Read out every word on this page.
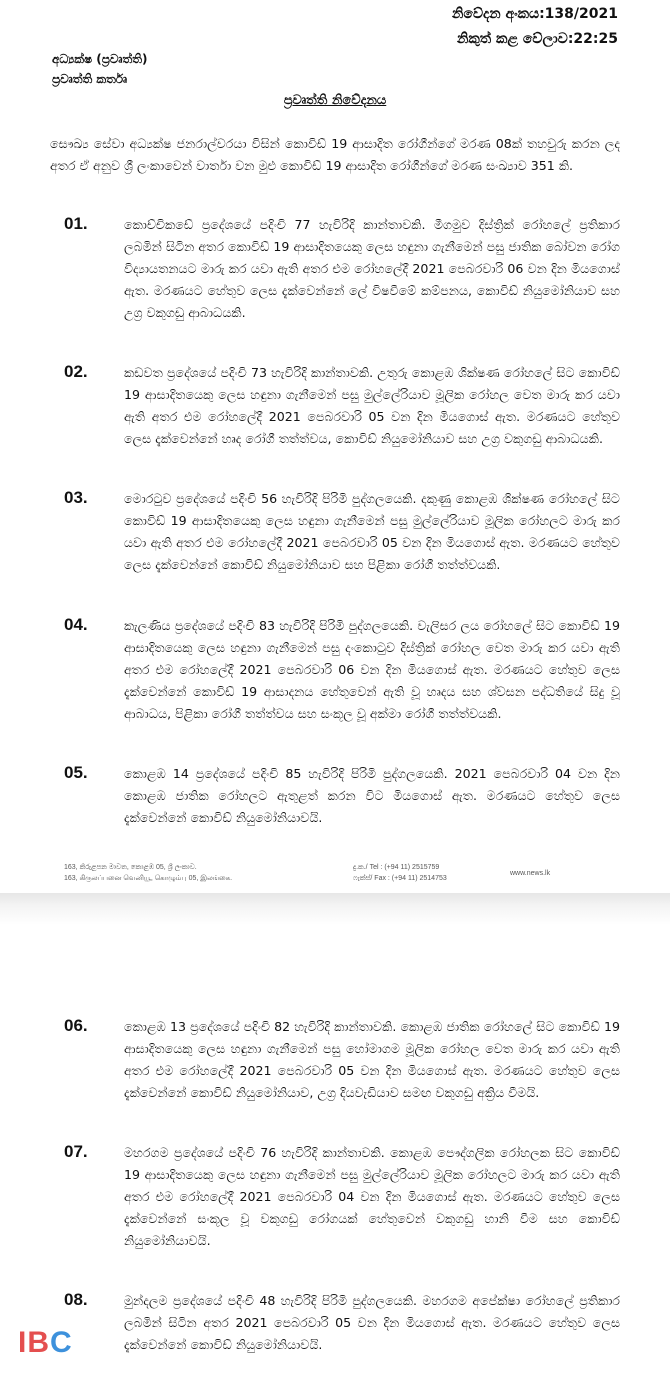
නිවේදන අංකය:138/2021
නිකුත් කළ වේලාව:22:25
අධ්‍යක්ෂ (ප්‍රවෘත්ති)
ප්‍රවෘත්ති කර්තෘ
ප්‍රවෘත්ති නිවේදනය
සෞඛ්‍ය සේවා අධ්‍යක්ෂ ජනරාල්වරයා විසින් කොවිඩ් 19 ආසාදිත රෝගීන්ගේ මරණ 08ක් තහවුරු කරන ලද අතර ඒ අනුව ශ්‍රී ලංකාවෙන් වාර්තා වන මුළු කොවිඩ් 19 ආසාදිත රෝගීන්ගේ මරණ සංඛ්‍යාව 351 කි.
01.	කොච්චිකඩේ ප්‍රදේශයේ පදිංචි 77 හැවිරිදි කාන්තාවකි. මීගමුව දිස්ත්‍රික් රෝහලේ ප්‍රතිකාර ලබමින් සිටින අතර කොවිඩ් 19 ආසාදිතයෙකු ලෙස හඳුනා ගැනීමෙන් පසු ජාතික බෝවන රෝග විද්‍යායතනයට මාරු කර යවා ඇති අතර එම රෝහලේදී 2021 පෙබරවාරි 06 වන දින මියගොස් ඇත. මරණයට හේතුව ලෙස දැක්වෙන්නේ ලේ විෂවීමේ කම්පනය, කොවිඩ් නියුමෝනියාව සහ උග්‍ර වකුගඩු ආබාධයකි.
02.	කඩවත ප්‍රදේශයේ පදිංචි 73 හැවිරිදි කාන්තාවකි. උතුරු කොළඹ ශික්ෂණ රෝහලේ සිට කොවිඩ් 19 ආසාදිතයෙකු ලෙස හඳුනා ගැනීමෙන් පසු මුල්ලේරියාව මූලික රෝහල වෙත මාරු කර යවා ඇති අතර එම රෝහලේදී 2021 පෙබරවාරි 05 වන දින මියගොස් ඇත. මරණයට හේතුව ලෙස දැක්වෙන්නේ හෘද රෝගී තත්ත්වය, කොවිඩ් නියුමෝනියාව සහ උග්‍ර වකුගඩු ආබාධයකි.
03.	මොරටුව ප්‍රදේශයේ පදිංචි 56 හැවිරිදි පිරිමි පුද්ගලයෙකි. දකුණු කොළඹ ශික්ෂණ රෝහලේ සිට කොවිඩ් 19 ආසාදිතයෙකු ලෙස හඳුනා ගැනීමෙන් පසු මුල්ලේරියාව මූලික රෝහලට මාරු කර යවා ඇති අතර එම රෝහලේදී 2021 පෙබරවාරි 05 වන දින මියගොස් ඇත. මරණයට හේතුව ලෙස දැක්වෙන්නේ කොවිඩ් නියුමෝනියාව සහ පිළිකා රෝගී තත්ත්වයකි.
04.	කැලණිය ප්‍රදේශයේ පදිංචි 83 හැවිරිදි පිරිමි පුද්ගලයෙකි. වැලිසර ලය රෝහලේ සිට කොවිඩ් 19 ආසාදිතයෙකු ලෙස හඳුනා ගැනීමෙන් පසු දංකොටුව දිස්ත්‍රික් රෝහල වෙත මාරු කර යවා ඇති අතර එම රෝහලේදී 2021 පෙබරවාරි 06 වන දින මියගොස් ඇත. මරණයට හේතුව ලෙස දැක්වෙන්නේ කොවිඩ් 19 ආසාදනය හේතුවෙන් ඇති වූ හෘදය සහ ශ්වසන පද්ධතියේ සිදු වූ ආබාධය, පිළිකා රෝගී තත්ත්වය සහ සංකූල වූ අක්මා රෝගී තත්ත්වයකි.
05.	කොළඹ 14 ප්‍රදේශයේ පදිංචි 85 හැවිරිදි පිරිමි පුද්ගලයෙකි. 2021 පෙබරවාරි 04 වන දින කොළඹ ජාතික රෝහලට ඇතුළත් කරන විට මියගොස් ඇත. මරණයට හේතුව ලෙස දැක්වෙන්නේ කොවිඩ් නියුමෝනියාවයි.
163, කිරුළපන මාවත, කොළඹ 05, ශ්‍රී ලංකාව.
163, கிருலப்பனை வெனியூ, கொழும்பு 05, இலங்கை.
දු.ක./ Tel : (+94 11) 2515759
ෆැක්ස්/ Fax : (+94 11) 2514753
www.news.lk
06.	කොළඹ 13 ප්‍රදේශයේ පදිංචි 82 හැවිරිදි කාන්තාවකි. කොළඹ ජාතික රෝහලේ සිට කොවිඩ් 19 ආසාදිතයෙකු ලෙස හඳුනා ගැනීමෙන් පසු හෝමාගම මූලික රෝහල වෙත මාරු කර යවා ඇති අතර එම රෝහලේදී 2021 පෙබරවාරි 05 වන දින මියගොස් ඇත. මරණයට හේතුව ලෙස දැක්වෙන්නේ කොවිඩ් නියුමෝනියාව, උග්‍ර දියවැඩියාව සමඟ වකුගඩු අක්‍රිය වීමයි.
07.	මහරගම ප්‍රදේශයේ පදිංචි 76 හැවිරිදි කාන්තාවකි. කොළඹ පෞද්ගලික රෝහලක සිට කොවිඩ් 19 ආසාදිතයෙකු ලෙස හඳුනා ගැනීමෙන් පසු මුල්ලේරියාව මූලික රෝහලට මාරු කර යවා ඇති අතර එම රෝහලේදී 2021 පෙබරවාරි 04 වන දින මියගොස් ඇත. මරණයට හේතුව ලෙස දැක්වෙන්නේ සංකූල වූ වකුගඩු රෝගයක් හේතුවෙන් වකුගඩු හානි වීම සහ කොවිඩ් නියුමෝනියාවයි.
08.	මුන්දලම ප්‍රදේශයේ පදිංචි 48 හැවිරිදි පිරිමි පුද්ගලයෙකි. මහරගම අපේක්ෂා රෝහලේ ප්‍රතිකාර ලබමින් සිටින අතර 2021 පෙබරවාරි 05 වන දින මියගොස් ඇත. මරණයට හේතුව ලෙස දැක්වෙන්නේ කොවිඩ් නියුමෝනියාවයි.
IB C
